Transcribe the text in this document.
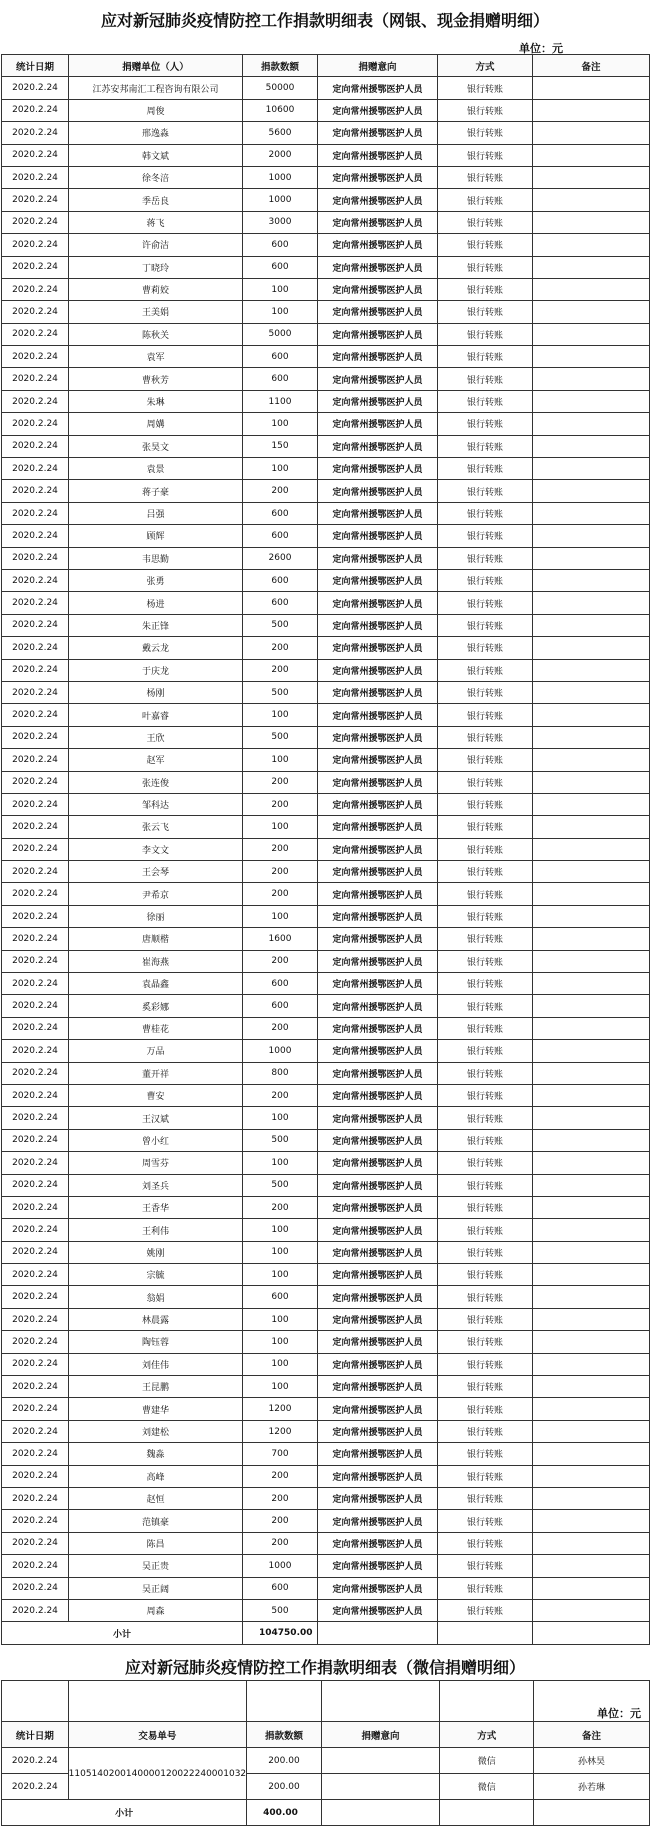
应对新冠肺炎疫情防控工作捐款明细表（网银、现金捐赠明细）
单位：元
统计日期	捐赠单位（人）	捐款数额	捐赠意向	方式	备注
2020.2.24	江苏安邦南汇工程咨询有限公司	50000	定向常州援鄂医护人员	银行转账	
2020.2.24	周俊	10600	定向常州援鄂医护人员	银行转账	
2020.2.24	邢逸淼	5600	定向常州援鄂医护人员	银行转账	
2020.2.24	韩文斌	2000	定向常州援鄂医护人员	银行转账	
2020.2.24	徐冬涪	1000	定向常州援鄂医护人员	银行转账	
2020.2.24	季岳良	1000	定向常州援鄂医护人员	银行转账	
2020.2.24	蒋飞	3000	定向常州援鄂医护人员	银行转账	
2020.2.24	许俞洁	600	定向常州援鄂医护人员	银行转账	
2020.2.24	丁晓玲	600	定向常州援鄂医护人员	银行转账	
2020.2.24	曹莉姣	100	定向常州援鄂医护人员	银行转账	
2020.2.24	王美娟	100	定向常州援鄂医护人员	银行转账	
2020.2.24	陈秋关	5000	定向常州援鄂医护人员	银行转账	
2020.2.24	袁军	600	定向常州援鄂医护人员	银行转账	
2020.2.24	曹秋芳	600	定向常州援鄂医护人员	银行转账	
2020.2.24	朱琳	1100	定向常州援鄂医护人员	银行转账	
2020.2.24	周媾	100	定向常州援鄂医护人员	银行转账	
2020.2.24	张昊文	150	定向常州援鄂医护人员	银行转账	
2020.2.24	袁景	100	定向常州援鄂医护人员	银行转账	
2020.2.24	蒋子豪	200	定向常州援鄂医护人员	银行转账	
2020.2.24	吕强	600	定向常州援鄂医护人员	银行转账	
2020.2.24	顾辉	600	定向常州援鄂医护人员	银行转账	
2020.2.24	韦思勤	2600	定向常州援鄂医护人员	银行转账	
2020.2.24	张勇	600	定向常州援鄂医护人员	银行转账	
2020.2.24	杨进	600	定向常州援鄂医护人员	银行转账	
2020.2.24	朱正锋	500	定向常州援鄂医护人员	银行转账	
2020.2.24	戴云龙	200	定向常州援鄂医护人员	银行转账	
2020.2.24	于庆龙	200	定向常州援鄂医护人员	银行转账	
2020.2.24	杨刚	500	定向常州援鄂医护人员	银行转账	
2020.2.24	叶嘉睿	100	定向常州援鄂医护人员	银行转账	
2020.2.24	王欣	500	定向常州援鄂医护人员	银行转账	
2020.2.24	赵军	100	定向常州援鄂医护人员	银行转账	
2020.2.24	张连俊	200	定向常州援鄂医护人员	银行转账	
2020.2.24	邹科达	200	定向常州援鄂医护人员	银行转账	
2020.2.24	张云飞	100	定向常州援鄂医护人员	银行转账	
2020.2.24	李文文	200	定向常州援鄂医护人员	银行转账	
2020.2.24	王会琴	200	定向常州援鄂医护人员	银行转账	
2020.2.24	尹希京	200	定向常州援鄂医护人员	银行转账	
2020.2.24	徐丽	100	定向常州援鄂医护人员	银行转账	
2020.2.24	唐顺楷	1600	定向常州援鄂医护人员	银行转账	
2020.2.24	崔海燕	200	定向常州援鄂医护人员	银行转账	
2020.2.24	袁晶鑫	600	定向常州援鄂医护人员	银行转账	
2020.2.24	奚彩娜	600	定向常州援鄂医护人员	银行转账	
2020.2.24	曹桂花	200	定向常州援鄂医护人员	银行转账	
2020.2.24	万品	1000	定向常州援鄂医护人员	银行转账	
2020.2.24	董开祥	800	定向常州援鄂医护人员	银行转账	
2020.2.24	曹安	200	定向常州援鄂医护人员	银行转账	
2020.2.24	王汉斌	100	定向常州援鄂医护人员	银行转账	
2020.2.24	曾小红	500	定向常州援鄂医护人员	银行转账	
2020.2.24	周雪芬	100	定向常州援鄂医护人员	银行转账	
2020.2.24	刘圣兵	500	定向常州援鄂医护人员	银行转账	
2020.2.24	王香华	200	定向常州援鄂医护人员	银行转账	
2020.2.24	王利伟	100	定向常州援鄂医护人员	银行转账	
2020.2.24	姚刚	100	定向常州援鄂医护人员	银行转账	
2020.2.24	宗毓	100	定向常州援鄂医护人员	银行转账	
2020.2.24	翁娟	600	定向常州援鄂医护人员	银行转账	
2020.2.24	林晨露	100	定向常州援鄂医护人员	银行转账	
2020.2.24	陶钰蓉	100	定向常州援鄂医护人员	银行转账	
2020.2.24	刘佳伟	100	定向常州援鄂医护人员	银行转账	
2020.2.24	王昆鹏	100	定向常州援鄂医护人员	银行转账	
2020.2.24	曹建华	1200	定向常州援鄂医护人员	银行转账	
2020.2.24	刘建松	1200	定向常州援鄂医护人员	银行转账	
2020.2.24	魏淼	700	定向常州援鄂医护人员	银行转账	
2020.2.24	高峰	200	定向常州援鄂医护人员	银行转账	
2020.2.24	赵恒	200	定向常州援鄂医护人员	银行转账	
2020.2.24	范镇豪	200	定向常州援鄂医护人员	银行转账	
2020.2.24	陈昌	200	定向常州援鄂医护人员	银行转账	
2020.2.24	吴正贵	1000	定向常州援鄂医护人员	银行转账	
2020.2.24	吴正阔	600	定向常州援鄂医护人员	银行转账	
2020.2.24	周森	500	定向常州援鄂医护人员	银行转账	
小计		104750.00			
应对新冠肺炎疫情防控工作捐款明细表（微信捐赠明细）
					单位：元
统计日期	交易单号	捐款数额	捐赠意向	方式	备注
2020.2.24	1105140200140000120022240001032	200.00		微信	孙林昊
2020.2.24		200.00		微信	孙若琳
小计		400.00			
